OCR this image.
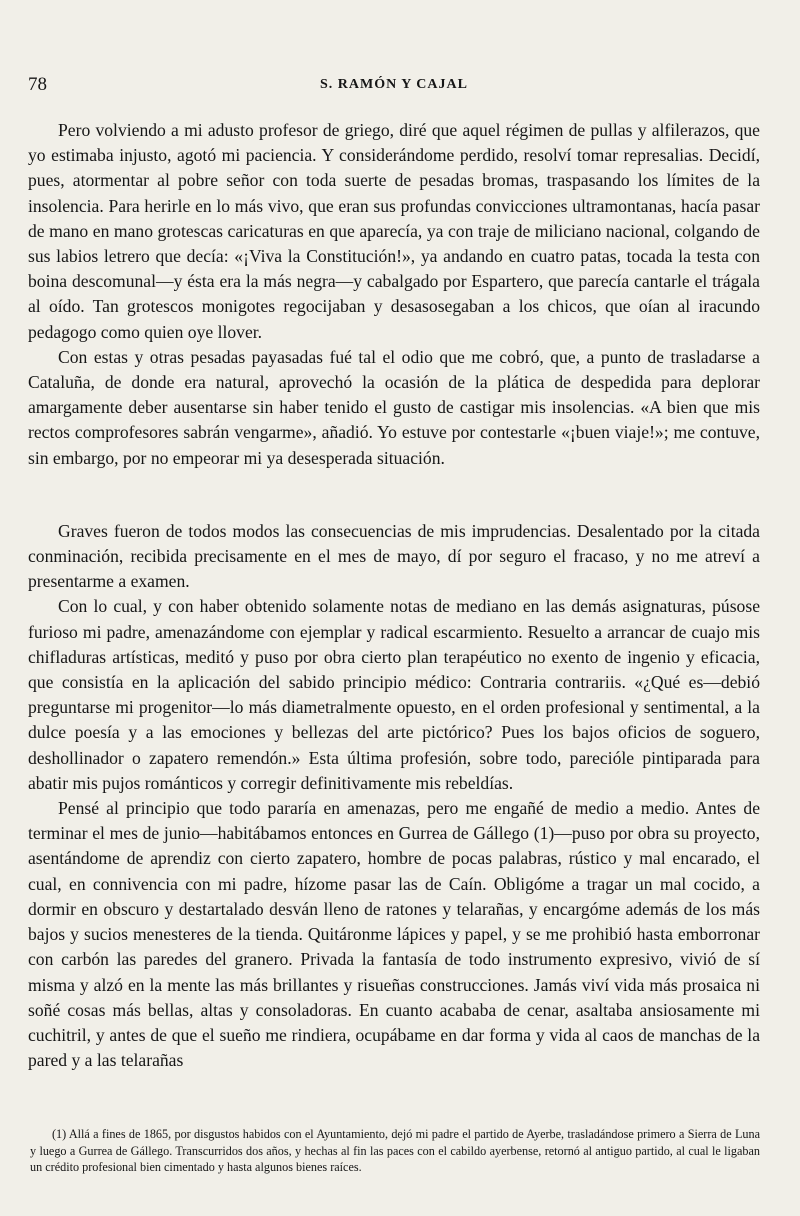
78	S. RAMÓN Y CAJAL

Pero volviendo a mi adusto profesor de griego, diré que aquel régimen de pullas y alfilerazos, que yo estimaba injusto, agotó mi paciencia. Y considerándome perdido, resolví tomar represalias. Decidí, pues, atormentar al pobre señor con toda suerte de pesadas bromas, traspasando los límites de la insolencia. Para herirle en lo más vivo, que eran sus profundas convicciones ultramontanas, hacía pasar de mano en mano grotescas caricaturas en que aparecía, ya con traje de miliciano nacional, colgando de sus labios letrero que decía: «¡Viva la Constitución!», ya andando en cuatro patas, tocada la testa con boina descomunal—y ésta era la más negra—y cabalgado por Espartero, que parecía cantarle el trágala al oído. Tan grotescos monigotes regocijaban y desasosegaban a los chicos, que oían al iracundo pedagogo como quien oye llover.

Con estas y otras pesadas payasadas fué tal el odio que me cobró, que, a punto de trasladarse a Cataluña, de donde era natural, aprovechó la ocasión de la plática de despedida para deplorar amargamente deber ausentarse sin haber tenido el gusto de castigar mis insolencias. «A bien que mis rectos comprofesores sabrán vengarme», añadió. Yo estuve por contestarle «¡buen viaje!»; me contuve, sin embargo, por no empeorar mi ya desesperada situación.

Graves fueron de todos modos las consecuencias de mis imprudencias. Desalentado por la citada conminación, recibida precisamente en el mes de mayo, dí por seguro el fracaso, y no me atreví a presentarme a examen.

Con lo cual, y con haber obtenido solamente notas de mediano en las demás asignaturas, púsose furioso mi padre, amenazándome con ejemplar y radical escarmiento. Resuelto a arrancar de cuajo mis chifladuras artísticas, meditó y puso por obra cierto plan terapéutico no exento de ingenio y eficacia, que consistía en la aplicación del sabido principio médico: Contraria contrariis. «¿Qué es—debió preguntarse mi progenitor—lo más diametralmente opuesto, en el orden profesional y sentimental, a la dulce poesía y a las emociones y bellezas del arte pictórico? Pues los bajos oficios de soguero, deshollinador o zapatero remendón.» Esta última profesión, sobre todo, parecióle pintiparada para abatir mis pujos románticos y corregir definitivamente mis rebeldías.

Pensé al principio que todo pararía en amenazas, pero me engañé de medio a medio. Antes de terminar el mes de junio—habitábamos entonces en Gurrea de Gállego (1)—puso por obra su proyecto, asentándome de aprendiz con cierto zapatero, hombre de pocas palabras, rústico y mal encarado, el cual, en connivencia con mi padre, hízome pasar las de Caín. Obligóme a tragar un mal cocido, a dormir en obscuro y destartalado desván lleno de ratones y telarañas, y encargóme además de los más bajos y sucios menesteres de la tienda. Quitáronme lápices y papel, y se me prohibió hasta emborronar con carbón las paredes del granero. Privada la fantasía de todo instrumento expresivo, vivió de sí misma y alzó en la mente las más brillantes y risueñas construcciones. Jamás viví vida más prosaica ni soñé cosas más bellas, altas y consoladoras. En cuanto acababa de cenar, asaltaba ansiosamente mi cuchitril, y antes de que el sueño me rindiera, ocupábame en dar forma y vida al caos de manchas de la pared y a las telarañas

(1) Allá a fines de 1865, por disgustos habidos con el Ayuntamiento, dejó mi padre el partido de Ayerbe, trasladándose primero a Sierra de Luna y luego a Gurrea de Gállego. Transcurridos dos años, y hechas al fin las paces con el cabildo ayerbense, retornó al antiguo partido, al cual le ligaban un crédito profesional bien cimentado y hasta algunos bienes raíces.
